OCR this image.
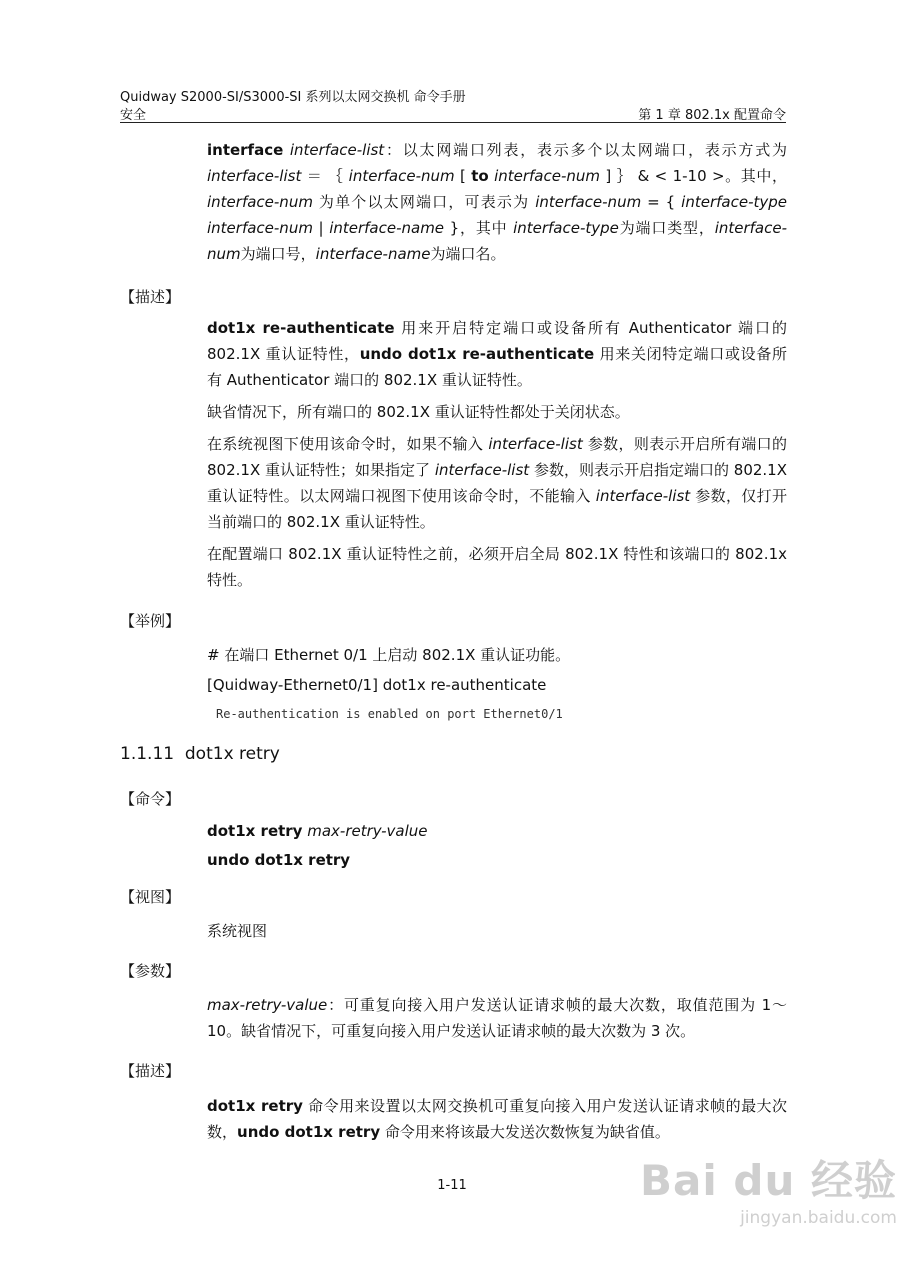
Quidway S2000-SI/S3000-SI 系列以太网交换机 命令手册
安全	第 1 章 802.1x 配置命令
interface interface-list：以太网端口列表，表示多个以太网端口，表示方式为interface-list ＝ ｛ interface-num [ to interface-num ] ｝ & < 1-10 >。其中，interface-num 为单个以太网端口，可表示为 interface-num = { interface-type interface-num | interface-name }，其中 interface-type为端口类型，interface-num为端口号，interface-name为端口名。
【描述】
dot1x re-authenticate 用来开启特定端口或设备所有 Authenticator 端口的 802.1X 重认证特性，undo dot1x re-authenticate 用来关闭特定端口或设备所有 Authenticator 端口的 802.1X 重认证特性。
缺省情况下，所有端口的 802.1X 重认证特性都处于关闭状态。
在系统视图下使用该命令时，如果不输入 interface-list 参数，则表示开启所有端口的 802.1X 重认证特性；如果指定了 interface-list 参数，则表示开启指定端口的 802.1X 重认证特性。以太网端口视图下使用该命令时，不能输入 interface-list 参数，仅打开当前端口的 802.1X 重认证特性。
在配置端口 802.1X 重认证特性之前，必须开启全局 802.1X 特性和该端口的 802.1x 特性。
【举例】
# 在端口 Ethernet 0/1 上启动 802.1X 重认证功能。
[Quidway-Ethernet0/1] dot1x re-authenticate
Re-authentication is enabled on port Ethernet0/1
1.1.11 dot1x retry
【命令】
dot1x retry max-retry-value
undo dot1x retry
【视图】
系统视图
【参数】
max-retry-value：可重复向接入用户发送认证请求帧的最大次数，取值范围为 1～10。缺省情况下，可重复向接入用户发送认证请求帧的最大次数为 3 次。
【描述】
dot1x retry 命令用来设置以太网交换机可重复向接入用户发送认证请求帧的最大次数，undo dot1x retry 命令用来将该最大发送次数恢复为缺省值。
1-11	Bai du 经验
jingyan.baidu.com
